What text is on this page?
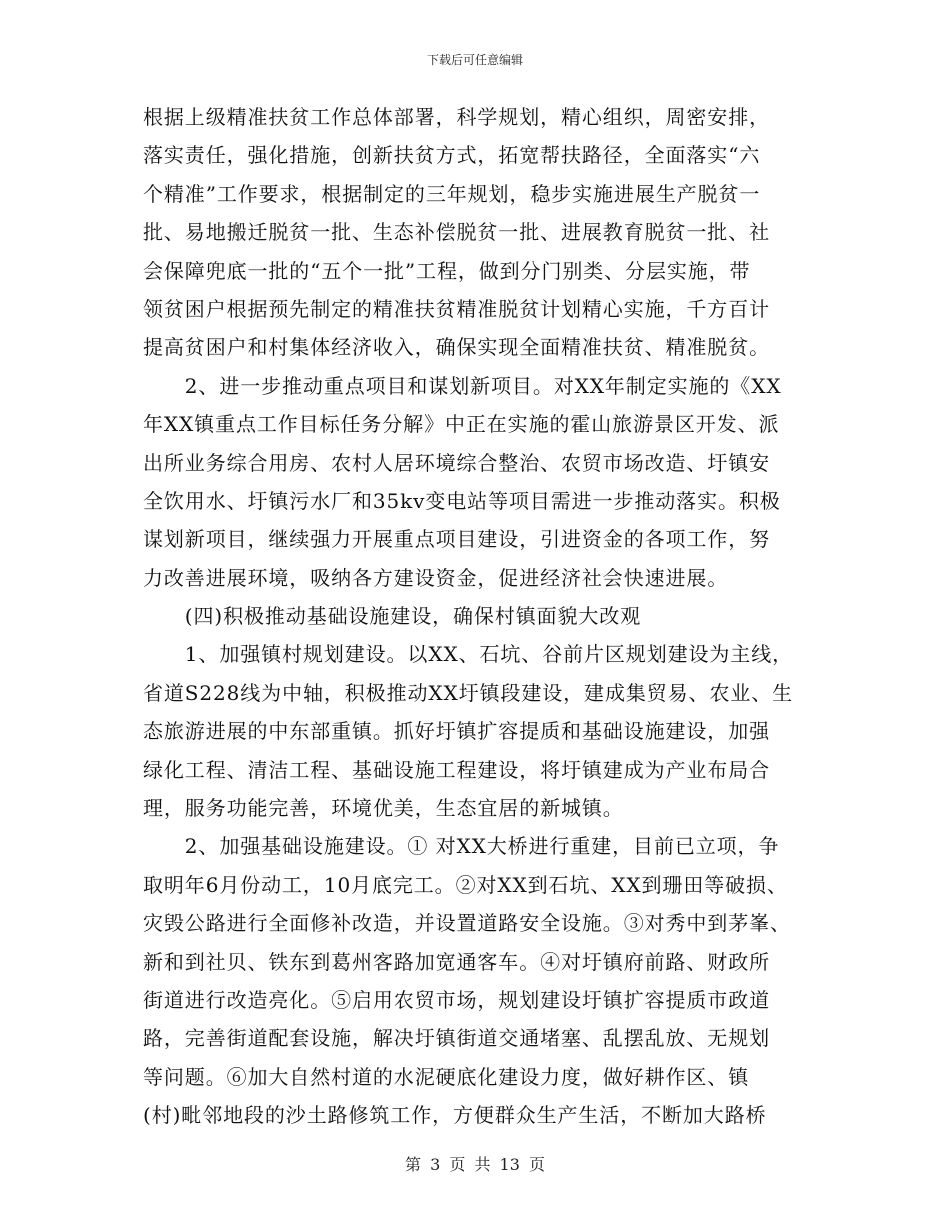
下载后可任意编辑
根据上级精准扶贫工作总体部署，科学规划，精心组织，周密安排，
落实责任，强化措施，创新扶贫方式，拓宽帮扶路径，全面落实“六
个精准”工作要求，根据制定的三年规划，稳步实施进展生产脱贫一
批、易地搬迁脱贫一批、生态补偿脱贫一批、进展教育脱贫一批、社
会保障兜底一批的“五个一批”工程，做到分门别类、分层实施，带
领贫困户根据预先制定的精准扶贫精准脱贫计划精心实施，千方百计
提高贫困户和村集体经济收入，确保实现全面精准扶贫、精准脱贫。
　　2、进一步推动重点项目和谋划新项目。对XX年制定实施的《XX
年XX镇重点工作目标任务分解》中正在实施的霍山旅游景区开发、派
出所业务综合用房、农村人居环境综合整治、农贸市场改造、圩镇安
全饮用水、圩镇污水厂和35kv变电站等项目需进一步推动落实。积极
谋划新项目，继续强力开展重点项目建设，引进资金的各项工作，努
力改善进展环境，吸纳各方建设资金，促进经济社会快速进展。
　　(四)积极推动基础设施建设，确保村镇面貌大改观
　　1、加强镇村规划建设。以XX、石坑、谷前片区规划建设为主线，
省道S228线为中轴，积极推动XX圩镇段建设，建成集贸易、农业、生
态旅游进展的中东部重镇。抓好圩镇扩容提质和基础设施建设，加强
绿化工程、清洁工程、基础设施工程建设，将圩镇建成为产业布局合
理，服务功能完善，环境优美，生态宜居的新城镇。
　　2、加强基础设施建设。① 对XX大桥进行重建，目前已立项，争
取明年6月份动工，10月底完工。②对XX到石坑、XX到珊田等破损、
灾毁公路进行全面修补改造，并设置道路安全设施。③对秀中到茅峯、
新和到社贝、铁东到葛州客路加宽通客车。④对圩镇府前路、财政所
街道进行改造亮化。⑤启用农贸市场，规划建设圩镇扩容提质市政道
路，完善街道配套设施，解决圩镇街道交通堵塞、乱摆乱放、无规划
等问题。⑥加大自然村道的水泥硬底化建设力度，做好耕作区、镇
(村)毗邻地段的沙土路修筑工作，方便群众生产生活，不断加大路桥
第 3 页 共 13 页
